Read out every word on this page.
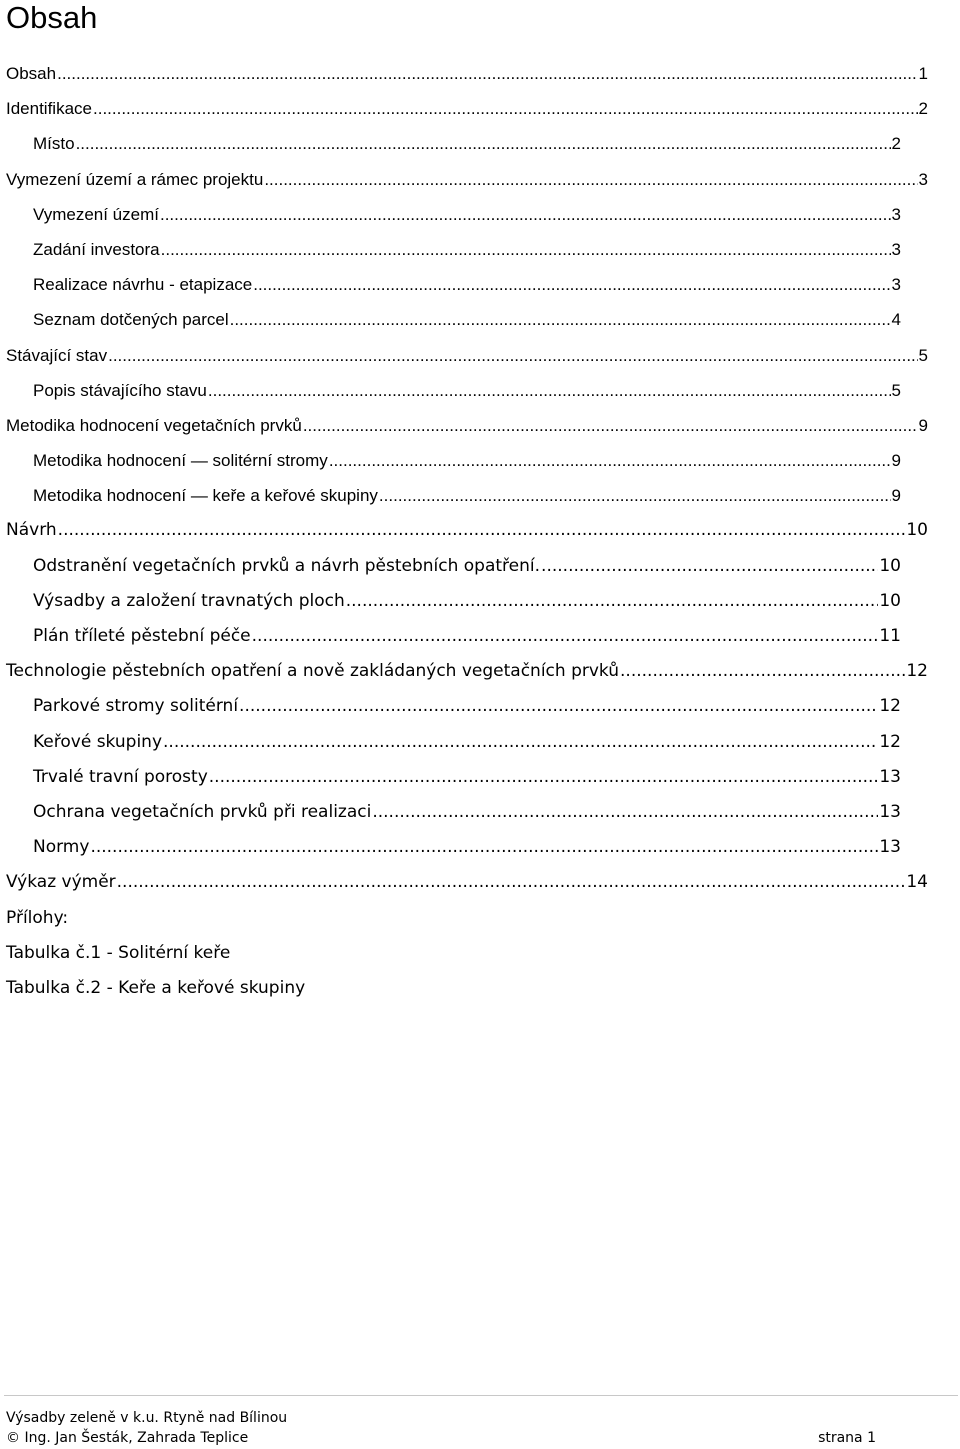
Obsah
Obsah .....	1
Identifikace .....	2
Místo .....	2
Vymezení území a rámec projektu .....	3
Vymezení území .....	3
Zadání investora .....	3
Realizace návrhu - etapizace .....	3
Seznam dotčených parcel .....	4
Stávající stav .....	5
Popis stávajícího stavu .....	5
Metodika hodnocení vegetačních prvků .....	9
Metodika hodnocení — solitérní stromy .....	9
Metodika hodnocení — keře a keřové skupiny .....	9
Návrh .....	10
Odstranění vegetačních prvků a návrh pěstebních opatření. .....	10
Výsadby a založení travnatých ploch .....	10
Plán tříleté pěstební péče .....	11
Technologie pěstebních opatření a nově zakládaných vegetačních prvků .....	12
Parkové stromy solitérní .....	12
Keřové skupiny .....	12
Trvalé travní porosty .....	13
Ochrana vegetačních prvků při realizaci .....	13
Normy .....	13
Výkaz výměr .....	14
Přílohy:
Tabulka č.1 - Solitérní keře
Tabulka č.2 - Keře a keřové skupiny
Výsadby zeleně v k.u. Rtyně nad Bílinou
© Ing. Jan Šesták, Zahrada Teplice	strana 1
